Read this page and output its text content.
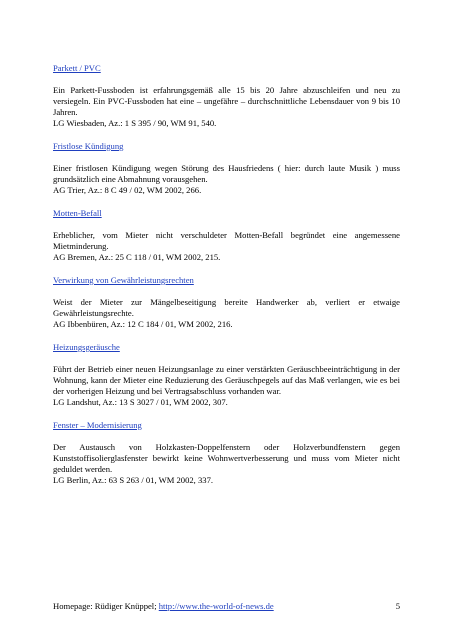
Parkett / PVC

Ein Parkett-Fussboden ist erfahrungsgemäß alle 15 bis 20 Jahre abzuschleifen und neu zu versiegeln. Ein PVC-Fussboden hat eine – ungefähre – durchschnittliche Lebensdauer von 9 bis 10 Jahren.

LG Wiesbaden, Az.: 1 S 395 / 90, WM 91, 540.

Fristlose Kündigung

Einer fristlosen Kündigung wegen Störung des Hausfriedens ( hier: durch laute Musik ) muss grundsätzlich eine Abmahnung vorausgehen.

AG Trier, Az.: 8 C 49 / 02, WM 2002, 266.

Motten-Befall

Erheblicher, vom Mieter nicht verschuldeter Motten-Befall begründet eine angemessene Mietminderung.

AG Bremen, Az.: 25 C 118 / 01, WM 2002, 215.

Verwirkung von Gewährleistungsrechten

Weist der Mieter zur Mängelbeseitigung bereite Handwerker ab, verliert er etwaige Gewährleistungsrechte.

AG Ibbenbüren, Az.: 12 C 184 / 01, WM 2002, 216.

Heizungsgeräusche

Führt der Betrieb einer neuen Heizungsanlage zu einer verstärkten Geräuschbeeinträchtigung in der Wohnung, kann der Mieter eine Reduzierung des Geräuschpegels auf das Maß verlangen, wie es bei der vorherigen Heizung und bei Vertragsabschluss vorhanden war.

LG Landshut, Az.: 13 S 3027 / 01, WM 2002, 307.

Fenster – Modernisierung

Der Austausch von Holzkasten-Doppelfenstern oder Holzverbundfenstern gegen Kunststoffisolierglasfenster bewirkt keine Wohnwertverbesserung und muss vom Mieter nicht geduldet werden.

LG Berlin, Az.: 63 S 263 / 01, WM 2002, 337.

Homepage: Rüdiger Knüppel; http://www.the-world-of-news.de	5
